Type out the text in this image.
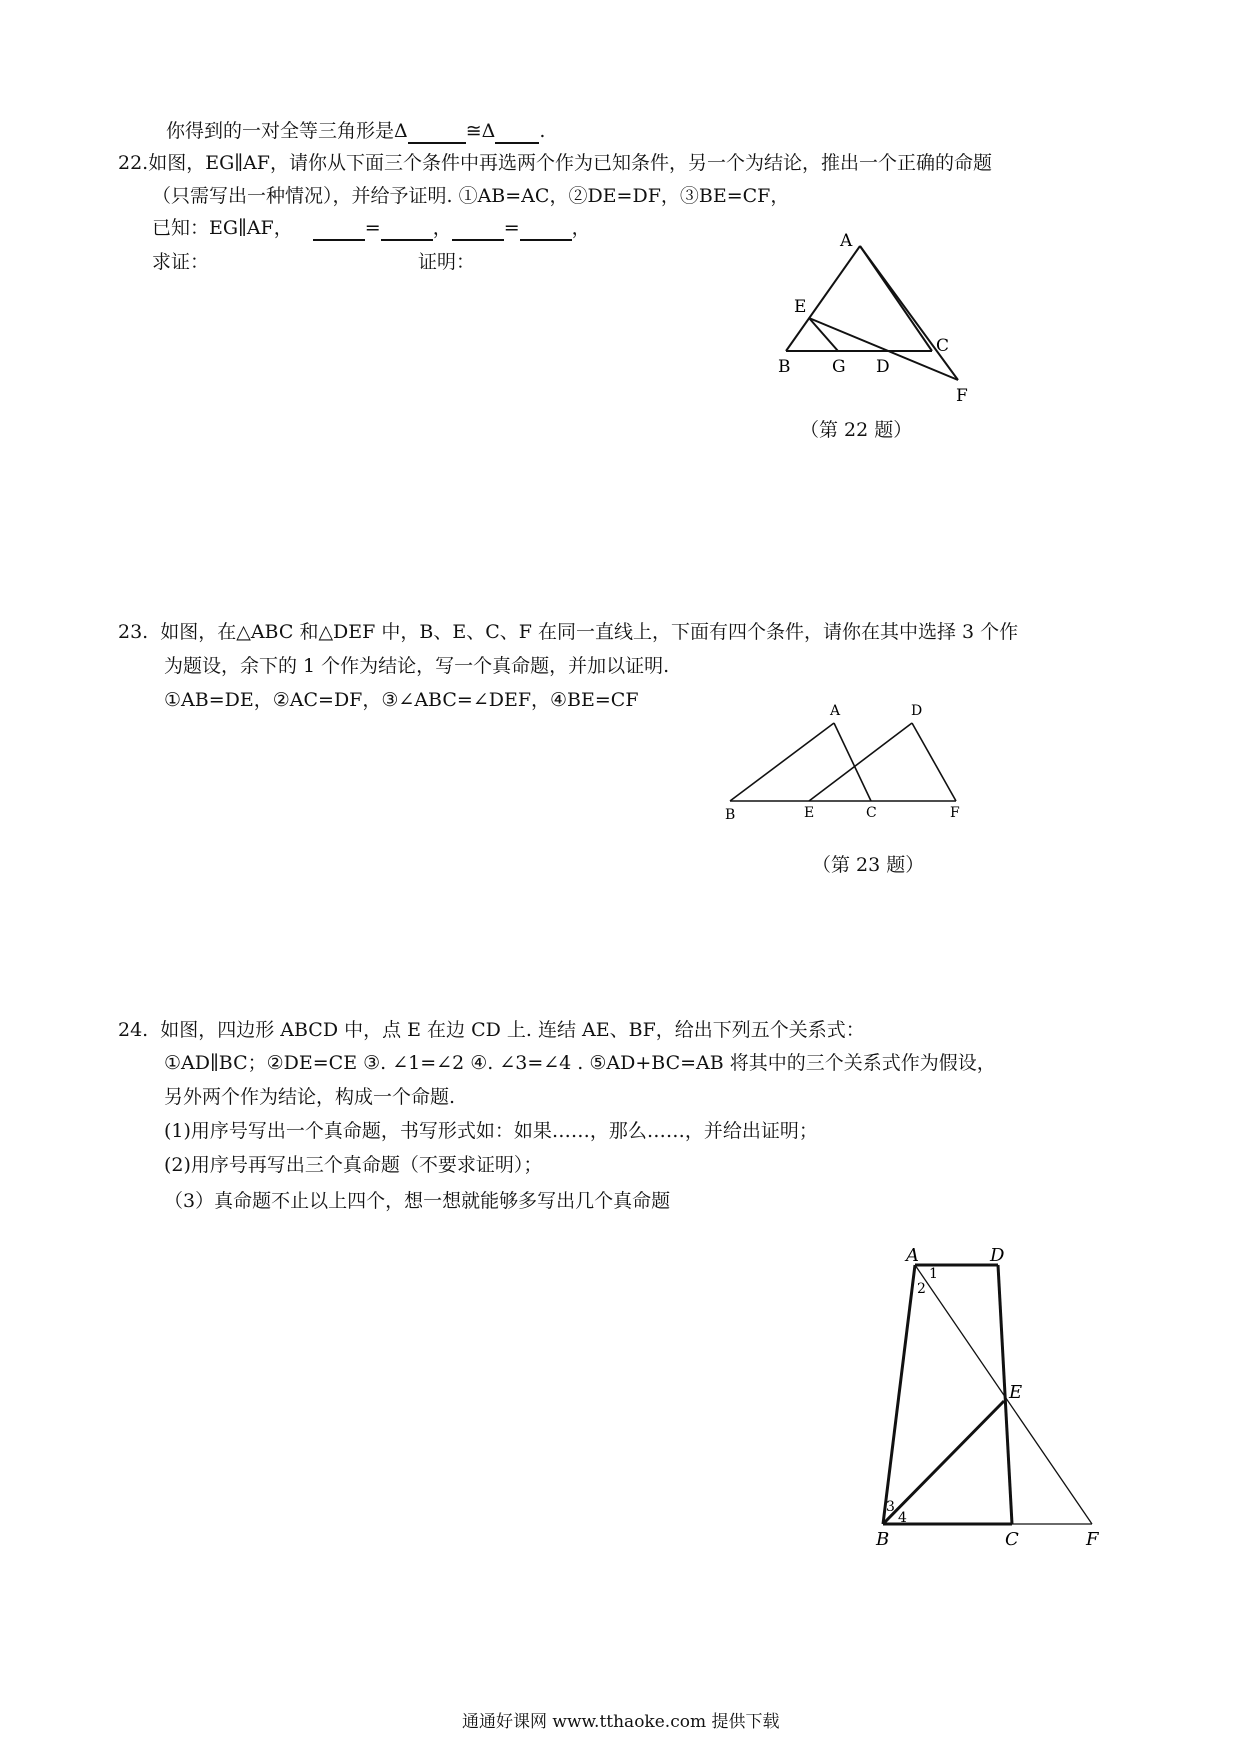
你得到的一对全等三角形是Δ	≅Δ .
22.如图，EG∥AF，请你从下面三个条件中再选两个作为已知条件，另一个为结论，推出一个正确的命题
（只需写出一种情况），并给予证明. ①AB=AC，②DE=DF，③BE=CF，
已知：EG∥AF，	=	，	=	，
求证：	证明：
A
E
B G D
C
F
（第 22 题）
23. 如图，在△ABC 和△DEF 中，B、E、C、F 在同一直线上，下面有四个条件，请你在其中选择 3 个作
为题设，余下的 1 个作为结论，写一个真命题，并加以证明.
①AB=DE，②AC=DF，③∠ABC=∠DEF，④BE=CF	A	D
B	E	C	F
（第 23 题）
24. 如图，四边形 ABCD 中，点 E 在边 CD 上. 连结 AE、BF，给出下列五个关系式：
①AD∥BC；②DE=CE ③. ∠1=∠2 ④. ∠3=∠4 . ⑤AD+BC=AB 将其中的三个关系式作为假设，
另外两个作为结论，构成一个命题.
(1)用序号写出一个真命题，书写形式如：如果……，那么……，并给出证明；
(2)用序号再写出三个真命题（不要求证明）；
（3）真命题不止以上四个，想一想就能够多写出几个真命题
A	D
E
B	C	F
1
2
3
4
通通好课网 www.tthaoke.com 提供下载
